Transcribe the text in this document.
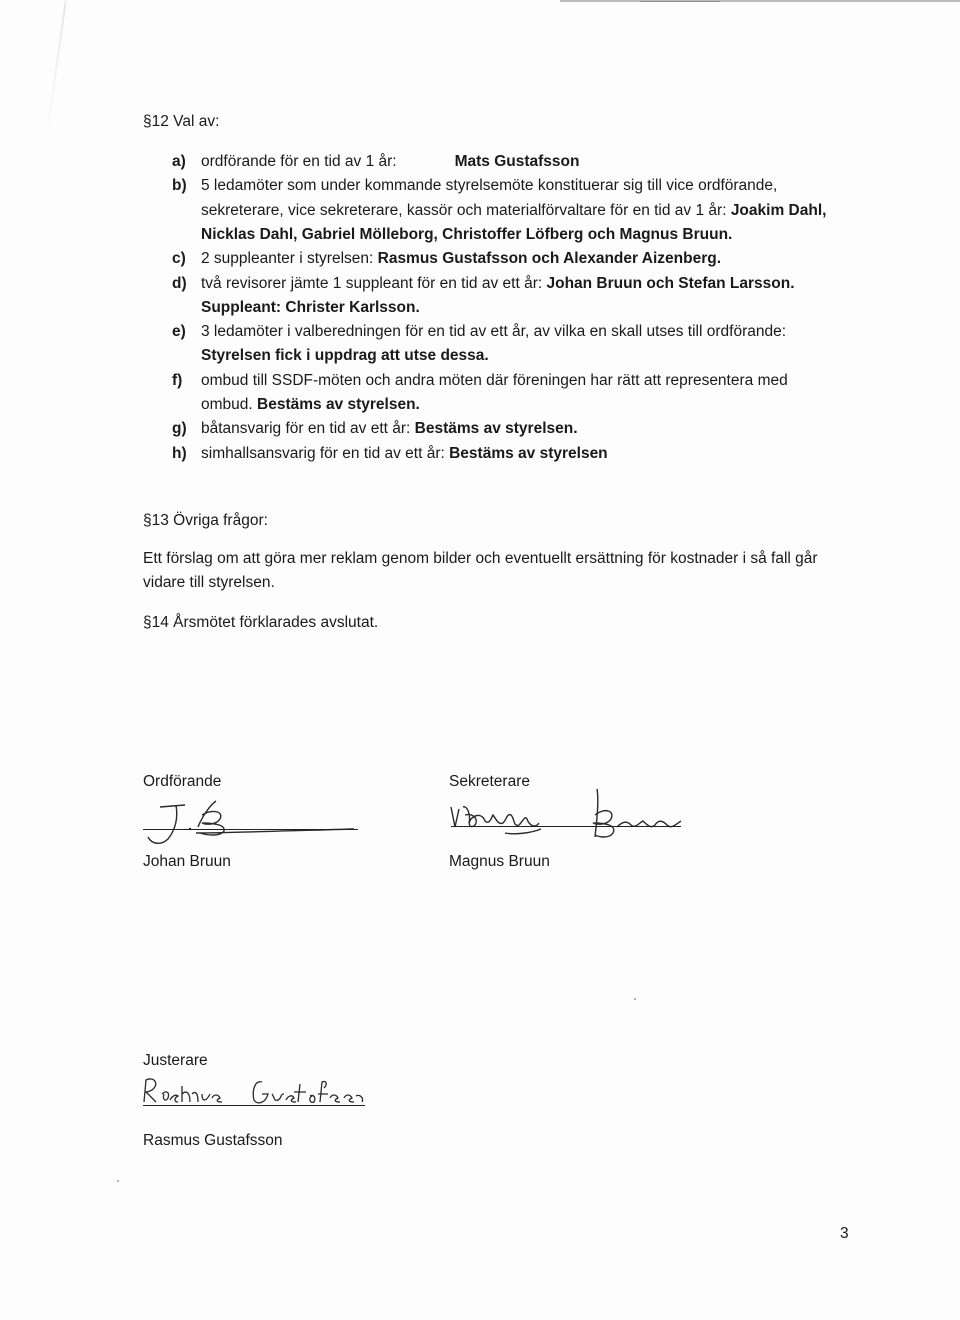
§12 Val av:
a) ordförande för en tid av 1 år:	Mats Gustafsson
b) 5 ledamöter som under kommande styrelsemöte konstituerar sig till vice ordförande,
sekreterare, vice sekreterare, kassör och materialförvaltare för en tid av 1 år: Joakim Dahl,
Nicklas Dahl, Gabriel Mölleborg, Christoffer Löfberg och Magnus Bruun.
c) 2 suppleanter i styrelsen: Rasmus Gustafsson och Alexander Aizenberg.
d) två revisorer jämte 1 suppleant för en tid av ett år: Johan Bruun och Stefan Larsson.
Suppleant: Christer Karlsson.
e) 3 ledamöter i valberedningen för en tid av ett år, av vilka en skall utses till ordförande:
Styrelsen fick i uppdrag att utse dessa.
f)	ombud till SSDF-möten och andra möten där föreningen har rätt att representera med
ombud. Bestäms av styrelsen.
g) båtansvarig för en tid av ett år: Bestäms av styrelsen.
h) simhallsansvarig för en tid av ett år: Bestäms av styrelsen
§13 Övriga frågor:
Ett förslag om att göra mer reklam genom bilder och eventuellt ersättning för kostnader i så fall går
vidare till styrelsen.
§14 Årsmötet förklarades avslutat.
Ordförande
Johan Bruun
Sekreterare
Magnus Bruun
Justerare
Rasmus Gustafsson
3
